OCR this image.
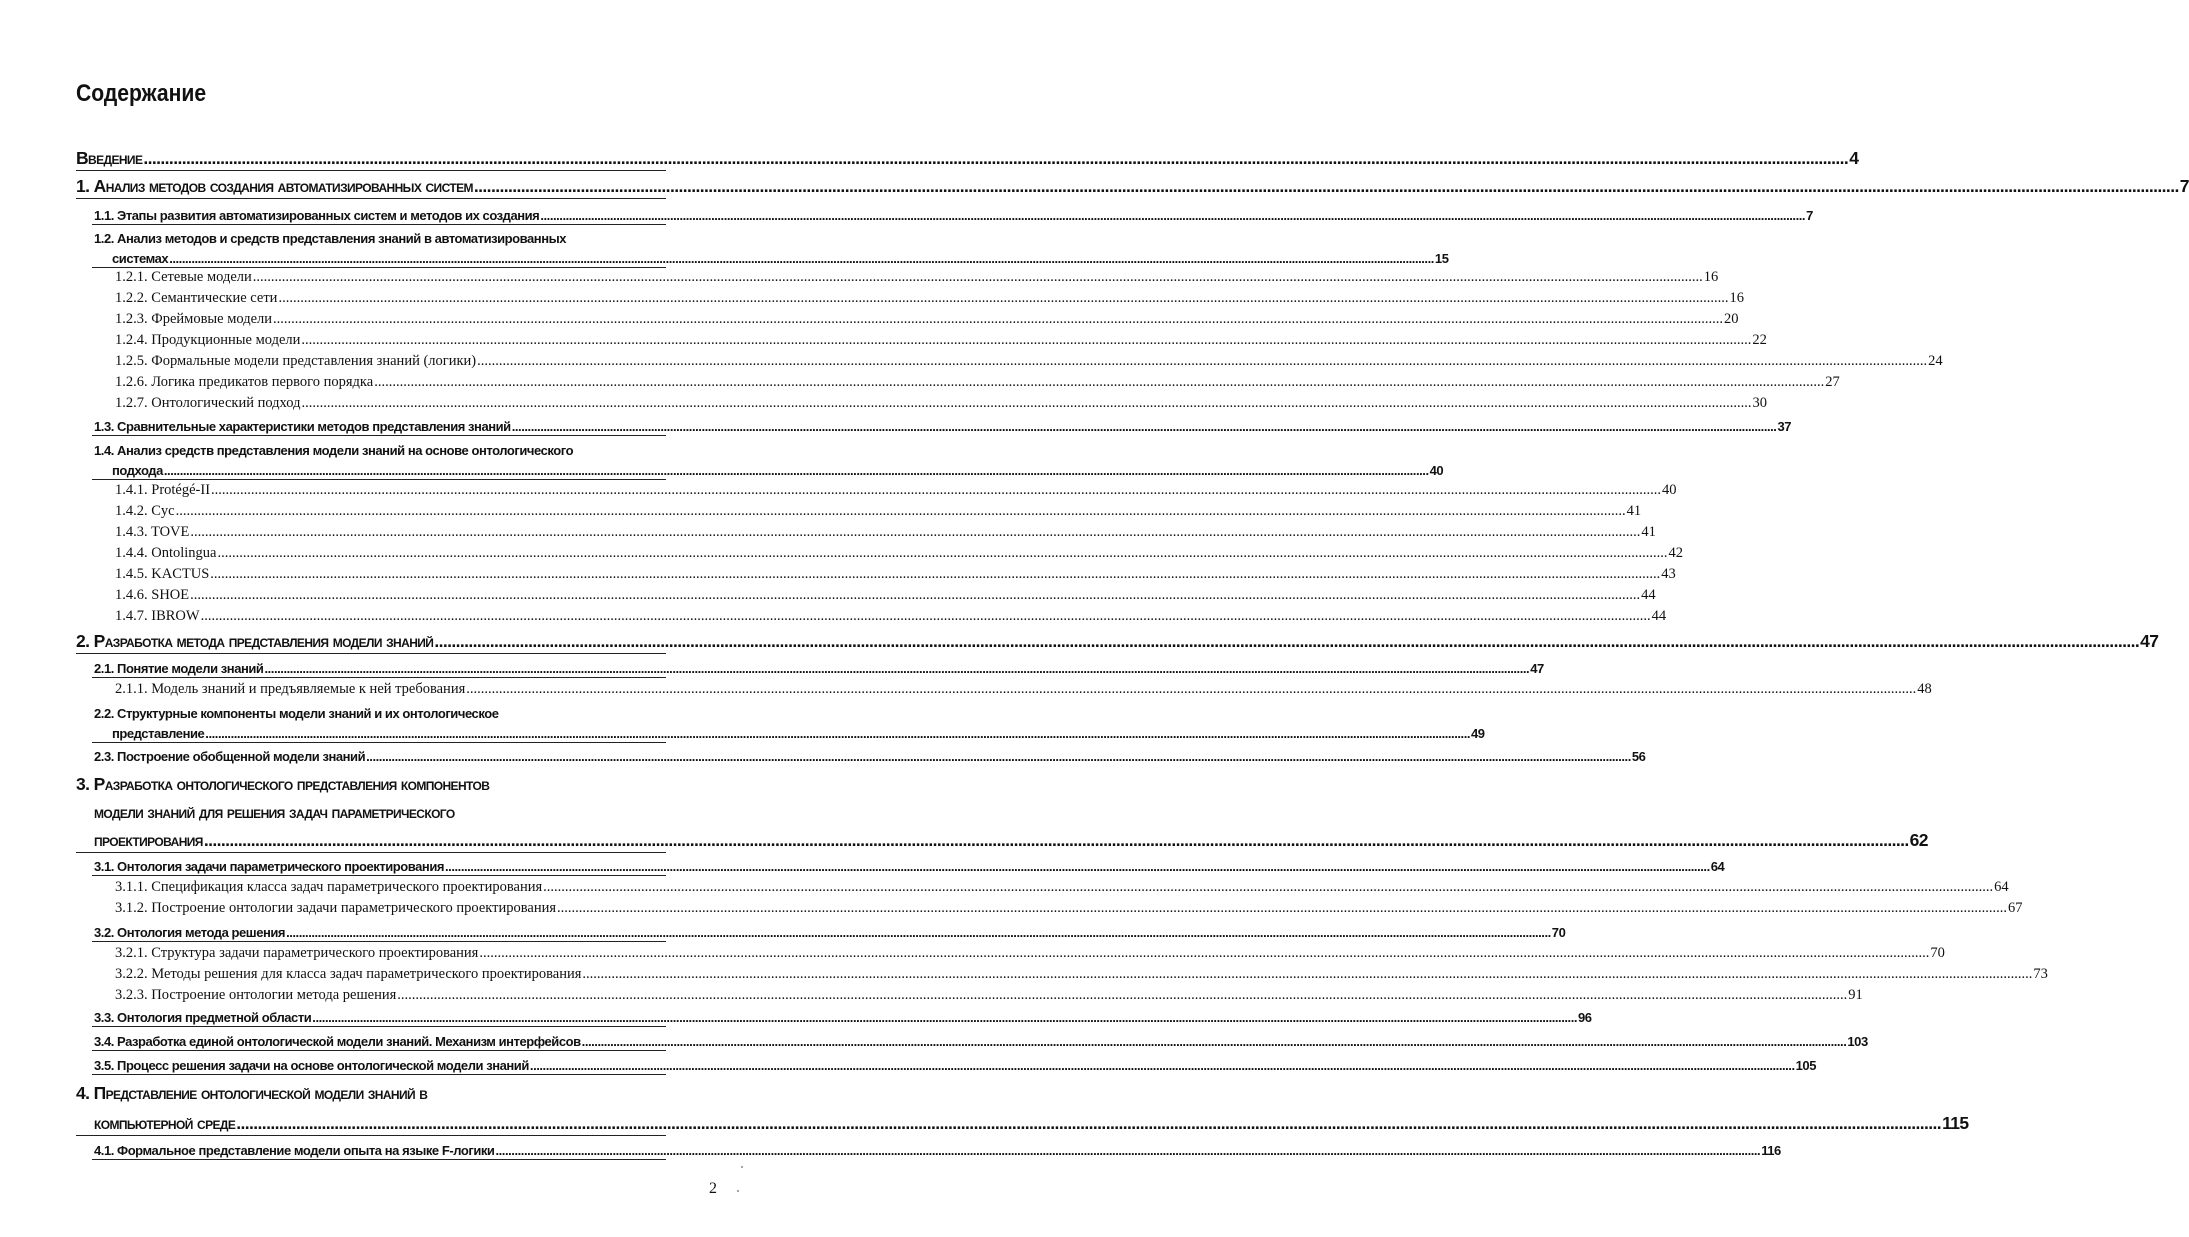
Содержание
Введение ................................................................................................................................................................................................................................................................................................................................................................................................................ 4
1. Анализ методов создания автоматизированных систем ................................................................................................................................................................................................................................................................................................................................................................................................................ 7
1.1. Этапы развития автоматизированных систем и методов их создания ................................................................................................................................................................................................................................................................................................................................................................................................................ 7
1.2. Анализ методов и средств представления знаний в автоматизированных
системах ................................................................................................................................................................................................................................................................................................................................................................................................................ 15
1.2.1. Сетевые модели ................................................................................................................................................................................................................................................................................................................................................................................................................ 16
1.2.2. Семантические сети ................................................................................................................................................................................................................................................................................................................................................................................................................ 16
1.2.3. Фреймовые модели ................................................................................................................................................................................................................................................................................................................................................................................................................ 20
1.2.4. Продукционные модели ................................................................................................................................................................................................................................................................................................................................................................................................................ 22
1.2.5. Формальные модели представления знаний (логики) ................................................................................................................................................................................................................................................................................................................................................................................................................ 24
1.2.6. Логика предикатов первого порядка ................................................................................................................................................................................................................................................................................................................................................................................................................ 27
1.2.7. Онтологический подход ................................................................................................................................................................................................................................................................................................................................................................................................................ 30
1.3. Сравнительные характеристики методов представления знаний ................................................................................................................................................................................................................................................................................................................................................................................................................ 37
1.4. Анализ средств представления модели знаний на основе онтологического
подхода ................................................................................................................................................................................................................................................................................................................................................................................................................ 40
1.4.1. Protégé-II ................................................................................................................................................................................................................................................................................................................................................................................................................ 40
1.4.2. Cyc ................................................................................................................................................................................................................................................................................................................................................................................................................ 41
1.4.3. TOVE ................................................................................................................................................................................................................................................................................................................................................................................................................ 41
1.4.4. Ontolingua ................................................................................................................................................................................................................................................................................................................................................................................................................ 42
1.4.5. KACTUS ................................................................................................................................................................................................................................................................................................................................................................................................................ 43
1.4.6. SHOE ................................................................................................................................................................................................................................................................................................................................................................................................................ 44
1.4.7. IBROW ................................................................................................................................................................................................................................................................................................................................................................................................................ 44
2. Разработка метода представления модели знаний ................................................................................................................................................................................................................................................................................................................................................................................................................ 47
2.1. Понятие модели знаний ................................................................................................................................................................................................................................................................................................................................................................................................................ 47
2.1.1. Модель знаний и предъявляемые к ней требования ................................................................................................................................................................................................................................................................................................................................................................................................................ 48
2.2. Структурные компоненты модели знаний и их онтологическое
представление ................................................................................................................................................................................................................................................................................................................................................................................................................ 49
2.3. Построение обобщенной модели знаний ................................................................................................................................................................................................................................................................................................................................................................................................................ 56
3. Разработка онтологического представления компонентов
модели знаний для решения задач параметрического
проектирования ................................................................................................................................................................................................................................................................................................................................................................................................................ 62
3.1. Онтология задачи параметрического проектирования ................................................................................................................................................................................................................................................................................................................................................................................................................ 64
3.1.1. Спецификация класса задач параметрического проектирования ................................................................................................................................................................................................................................................................................................................................................................................................................ 64
3.1.2. Построение онтологии задачи параметрического проектирования ................................................................................................................................................................................................................................................................................................................................................................................................................ 67
3.2. Онтология метода решения ................................................................................................................................................................................................................................................................................................................................................................................................................ 70
3.2.1. Структура задачи параметрического проектирования ................................................................................................................................................................................................................................................................................................................................................................................................................ 70
3.2.2. Методы решения для класса задач параметрического проектирования ................................................................................................................................................................................................................................................................................................................................................................................................................ 73
3.2.3. Построение онтологии метода решения ................................................................................................................................................................................................................................................................................................................................................................................................................ 91
3.3. Онтология предметной области ................................................................................................................................................................................................................................................................................................................................................................................................................ 96
3.4. Разработка единой онтологической модели знаний. Механизм интерфейсов ................................................................................................................................................................................................................................................................................................................................................................................................................ 103
3.5. Процесс решения задачи на основе онтологической модели знаний ................................................................................................................................................................................................................................................................................................................................................................................................................ 105
4. Представление онтологической модели знаний в
компьютерной среде ................................................................................................................................................................................................................................................................................................................................................................................................................ 115
4.1. Формальное представление модели опыта на языке F-логики ................................................................................................................................................................................................................................................................................................................................................................................................................ 116
2
